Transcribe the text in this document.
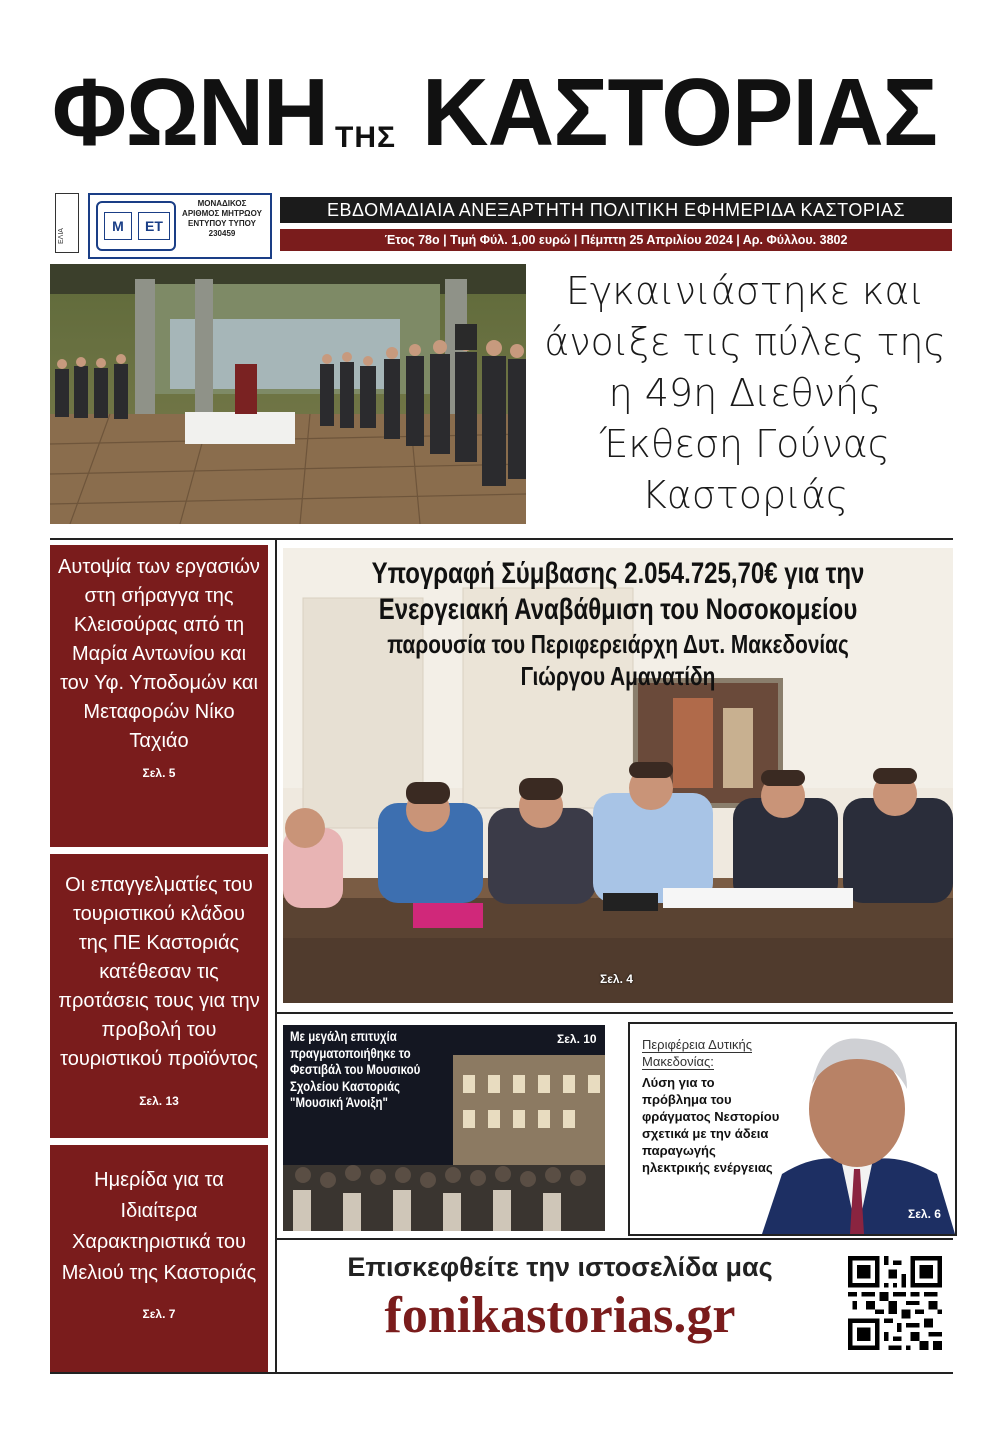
ΦΩΝΗ ΤΗΣ ΚΑΣΤΟΡΙΑΣ
ΕΛΙΑ
Μ	ΕΤ
ΜΟΝΑΔΙΚΟΣ ΑΡΙΘΜΟΣ ΜΗΤΡΩΟΥ ΕΝΤΥΠΟΥ ΤΥΠΟΥ
230459
ΕΒΔΟΜΑΔΙΑΙΑ ΑΝΕΞΑΡΤΗΤΗ ΠΟΛΙΤΙΚΗ ΕΦΗΜΕΡΙΔΑ ΚΑΣΤΟΡΙΑΣ
Έτος 78ο | Τιμή Φύλ. 1,00 ευρώ | Πέμπτη 25 Απριλίου 2024 | Αρ. Φύλλου. 3802
Εγκαινιάστηκε και άνοιξε τις πύλες της η 49η Διεθνής Έκθεση Γούνας Καστοριάς
Αυτοψία των εργασιών στη σήραγγα της Κλεισούρας από τη Μαρία Αντωνίου και τον Υφ. Υποδομών και Μεταφορών Νίκο Ταχιάο
Σελ. 5
Οι επαγγελματίες του τουριστικού κλάδου της ΠΕ Καστοριάς κατέθεσαν τις προτάσεις τους για την προβολή του τουριστικού προϊόντος
Σελ. 13
Ημερίδα για τα Ιδιαίτερα Χαρακτηριστικά του Μελιού της Καστοριάς
Σελ. 7
Υπογραφή Σύμβασης 2.054.725,70€ για την
Ενεργειακή Αναβάθμιση του Νοσοκομείου
παρουσία του Περιφερειάρχη Δυτ. Μακεδονίας
Γιώργου Αμανατίδη
Σελ. 4
Με μεγάλη επιτυχία πραγματοποιήθηκε το Φεστιβάλ του Μουσικού Σχολείου Καστοριάς "Μουσική Άνοιξη"
Σελ. 10	Περιφέρεια Δυτικής Μακεδονίας:
Λύση για το πρόβλημα του φράγματος Νεστορίου σχετικά με την άδεια παραγωγής ηλεκτρικής ενέργειας
Σελ. 6
Επισκεφθείτε την ιστοσελίδα μας
fonikastorias.gr
